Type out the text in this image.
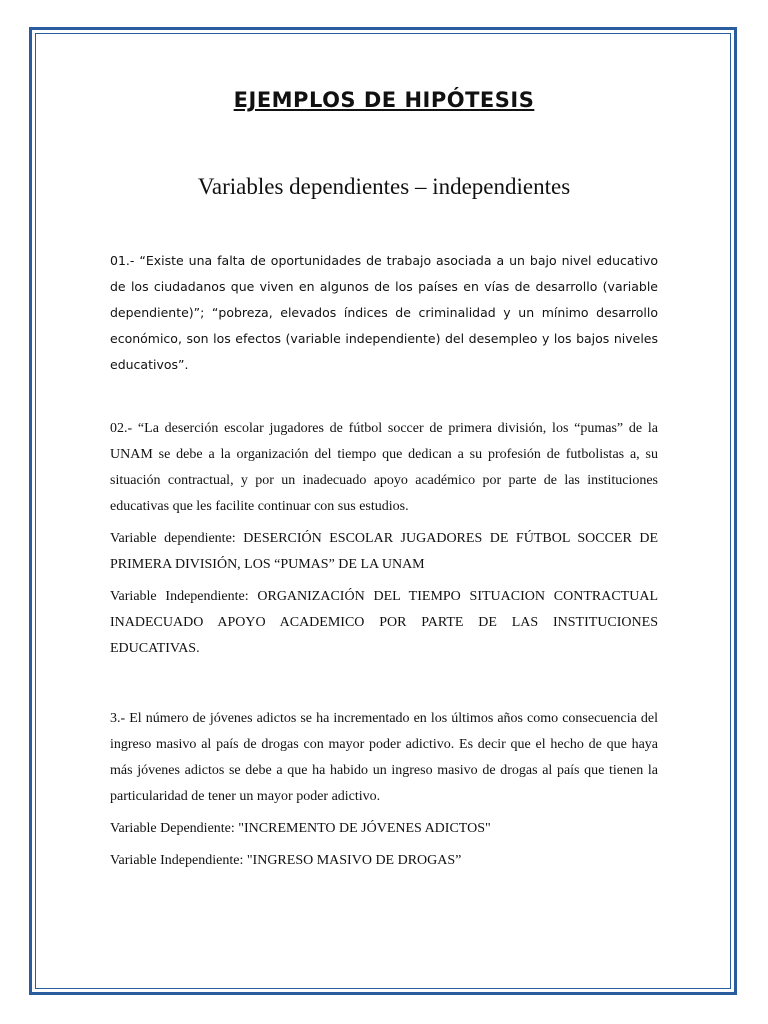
EJEMPLOS DE HIPÓTESIS
Variables dependientes – independientes

01.- “Existe una falta de oportunidades de trabajo asociada a un bajo nivel educativo de los ciudadanos que viven en algunos de los países en vías de desarrollo (variable dependiente)”; “pobreza, elevados índices de criminalidad y un mínimo desarrollo económico, son los efectos (variable independiente) del desempleo y los bajos niveles educativos”.

02.- “La deserción escolar jugadores de fútbol soccer de primera división, los “pumas” de la UNAM se debe a la organización del tiempo que dedican a su profesión de futbolistas a, su situación contractual, y por un inadecuado apoyo académico por parte de las instituciones educativas que les facilite continuar con sus estudios.

Variable dependiente: DESERCIÓN ESCOLAR JUGADORES DE FÚTBOL SOCCER DE PRIMERA DIVISIÓN, LOS “PUMAS” DE LA UNAM

Variable Independiente: ORGANIZACIÓN DEL TIEMPO SITUACION CONTRACTUAL INADECUADO APOYO ACADEMICO POR PARTE DE LAS INSTITUCIONES EDUCATIVAS.

3.- El número de jóvenes adictos se ha incrementado en los últimos años como consecuencia del ingreso masivo al país de drogas con mayor poder adictivo. Es decir que el hecho de que haya más jóvenes adictos se debe a que ha habido un ingreso masivo de drogas al país que tienen la particularidad de tener un mayor poder adictivo.

Variable Dependiente: "INCREMENTO DE JÓVENES ADICTOS"

Variable Independiente: "INGRESO MASIVO DE DROGAS”
